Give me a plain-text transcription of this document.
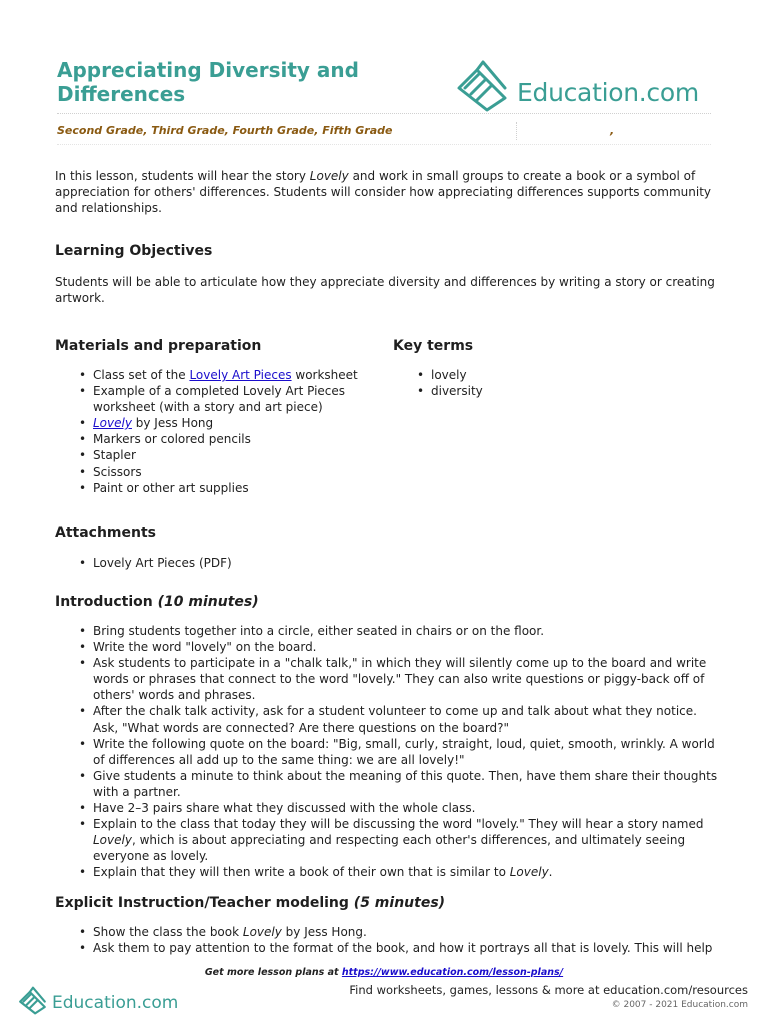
Appreciating Diversity and Differences	Education.com
Second Grade, Third Grade, Fourth Grade, Fifth Grade	,
In this lesson, students will hear the story Lovely and work in small groups to create a book or a symbol of appreciation for others' differences. Students will consider how appreciating differences supports community and relationships.
Learning Objectives
Students will be able to articulate how they appreciate diversity and differences by writing a story or creating artwork.
Materials and preparation
• Class set of the Lovely Art Pieces worksheet
• Example of a completed Lovely Art Pieces worksheet (with a story and art piece)
• Lovely by Jess Hong
• Markers or colored pencils
• Stapler
• Scissors
• Paint or other art supplies
Key terms
• lovely
• diversity
Attachments
• Lovely Art Pieces (PDF)
Introduction (10 minutes)
• Bring students together into a circle, either seated in chairs or on the floor.
• Write the word "lovely" on the board.
• Ask students to participate in a "chalk talk," in which they will silently come up to the board and write words or phrases that connect to the word "lovely." They can also write questions or piggy-back off of others' words and phrases.
• After the chalk talk activity, ask for a student volunteer to come up and talk about what they notice. Ask, "What words are connected? Are there questions on the board?"
• Write the following quote on the board: "Big, small, curly, straight, loud, quiet, smooth, wrinkly. A world of differences all add up to the same thing: we are all lovely!"
• Give students a minute to think about the meaning of this quote. Then, have them share their thoughts with a partner.
• Have 2–3 pairs share what they discussed with the whole class.
• Explain to the class that today they will be discussing the word "lovely." They will hear a story named Lovely, which is about appreciating and respecting each other's differences, and ultimately seeing everyone as lovely.
• Explain that they will then write a book of their own that is similar to Lovely.
Explicit Instruction/Teacher modeling (5 minutes)
• Show the class the book Lovely by Jess Hong.
• Ask them to pay attention to the format of the book, and how it portrays all that is lovely. This will help
Get more lesson plans at https://www.education.com/lesson-plans/
Education.com
Find worksheets, games, lessons & more at education.com/resources
© 2007 - 2021 Education.com
